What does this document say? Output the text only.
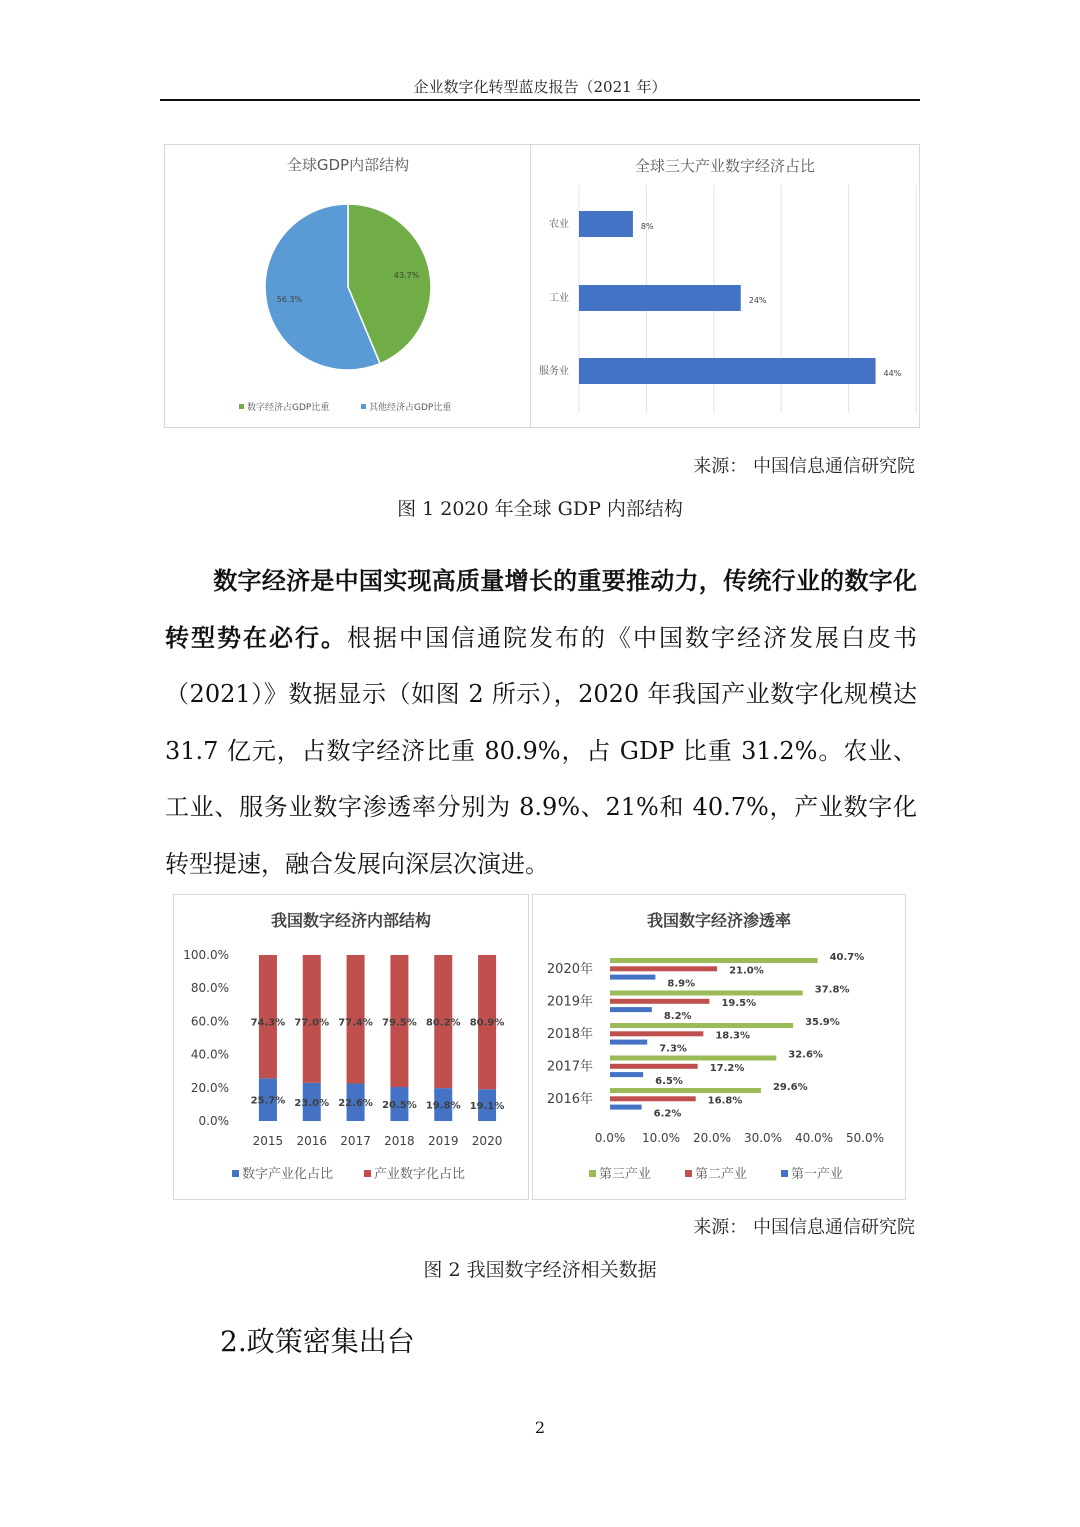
企业数字化转型蓝皮报告（2021 年）
全球GDP内部结构
43.7%
56.3%
数字经济占GDP比重	其他经济占GDP比重
全球三大产业数字经济占比
农业	8%
工业	24%
服务业	44%
来源： 中国信息通信研究院
图 1 2020 年全球 GDP 内部结构
数字经济是中国实现高质量增长的重要推动力，传统行业的数字化转型势在必行。根据中国信通院发布的《中国数字经济发展白皮书（2021）》数据显示（如图 2 所示），2020 年我国产业数字化规模达 31.7 亿元，占数字经济比重 80.9%，占 GDP 比重 31.2%。农业、工业、服务业数字渗透率分别为 8.9%、21%和 40.7%，产业数字化转型提速，融合发展向深层次演进。
我国数字经济内部结构
0.0%
20.0%
40.0%
60.0%
80.0%
100.0%
25.7%
74.3%
2015
23.0%
77.0%
2016
22.6%
77.4%
2017
20.5%
79.5%
2018
19.8%
80.2%
2019
19.1%
80.9%
2020
数字产业化占比	产业数字化占比
我国数字经济渗透率
0.0% 10.0% 20.0% 30.0% 40.0% 50.0%
40.7%
21.0%
8.9%
2020年
37.8%
19.5%
8.2%
2019年
35.9%
18.3%
7.3%
2018年
32.6%
17.2%
6.5%
2017年
29.6%
16.8%
6.2%
2016年
第三产业	第二产业	第一产业
来源： 中国信息通信研究院
图 2 我国数字经济相关数据
2.政策密集出台
2
